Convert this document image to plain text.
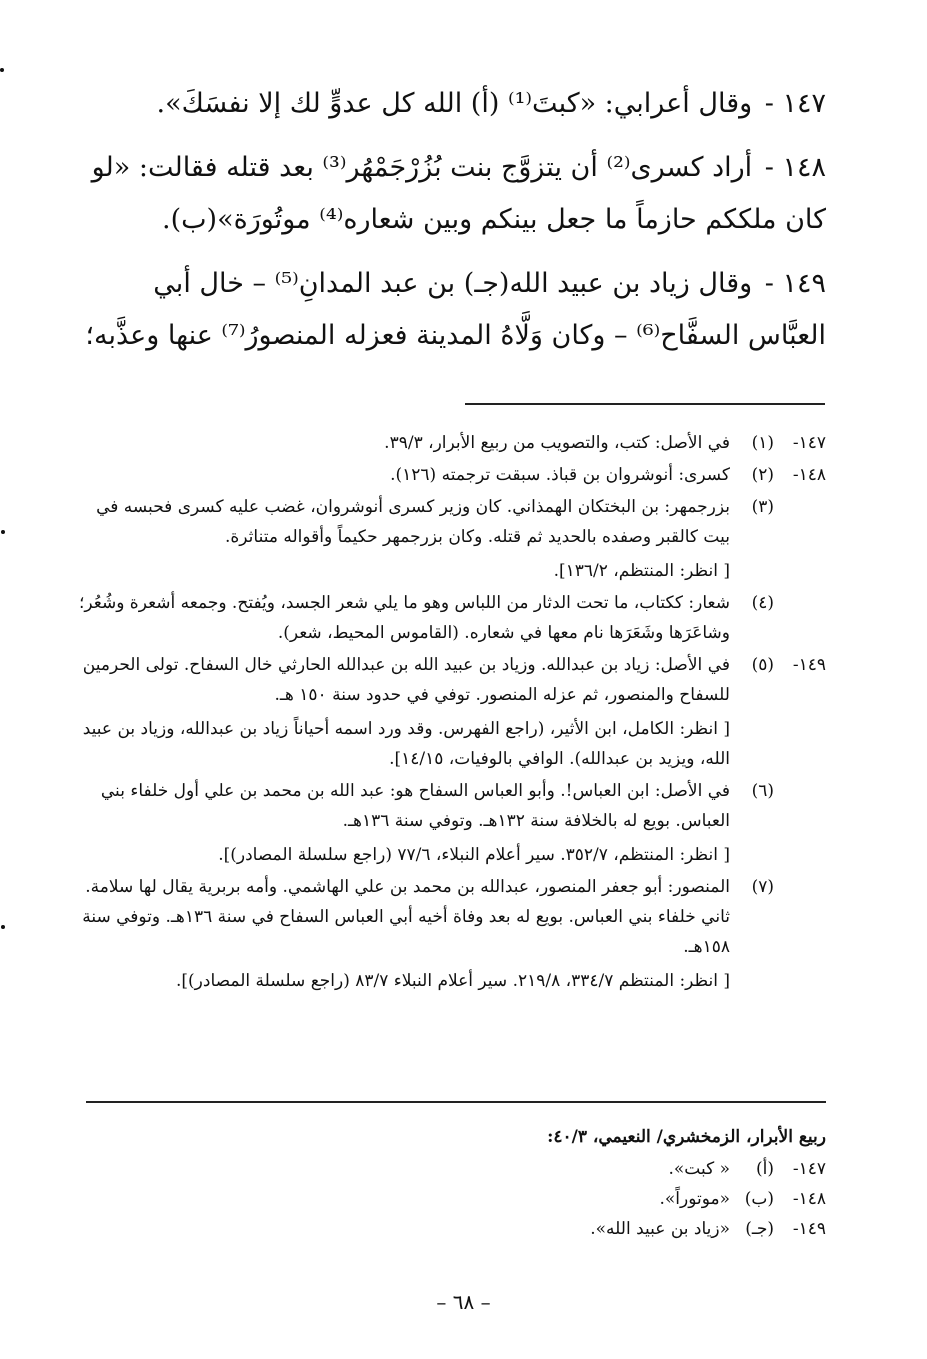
١٤٧ - وقال أعرابي: «كبتَ⁽¹⁾ (أ) الله كل عدوٍّ لك إلا نفسَكَ».

١٤٨ - أراد كسرى⁽²⁾ أن يتزوَّج بنت بُزُرْجَمْهُر⁽³⁾ بعد قتله فقالت: «لو كان ملككم حازماً ما جعل بينكم وبين شعاره⁽⁴⁾ موتُورَة»(ب).

١٤٩ - وقال زياد بن عبيد الله(جـ) بن عبد المدانِ⁽⁵⁾ – خال أبي العبَّاس السفَّاح⁽⁶⁾ – وكان وَلَّاهُ المدينة فعزله المنصورُ⁽⁷⁾ عنها وعذَّبه؛

١٤٧-
(١)
في الأصل: كتب، والتصويب من ربيع الأبرار، ٣٩/٣.
١٤٨-
(٢)
كسرى: أنوشروان بن قباذ. سبقت ترجمته (١٢٦).
(٣)
بزرجمهر: بن البختكان الهمذاني. كان وزير كسرى أنوشروان، غضب عليه كسرى فحبسه في بيت كالقبر وصفده بالحديد ثم قتله. وكان بزرجمهر حكيماً وأقواله متناثرة.
[ انظر: المنتظم، ١٣٦/٢].
(٤)
شعار: ككتاب، ما تحت الدثار من اللباس وهو ما يلي شعر الجسد، ويُفتح. وجمعه أشعرة وشُعُر؛ وشاعَرَها وشَعَرَها نام معها في شعاره. (القاموس المحيط، شعر).
١٤٩-
(٥)
في الأصل: زياد بن عبدالله. وزياد بن عبيد الله بن عبدالله الحارثي خال السفاح. تولى الحرمين للسفاح والمنصور، ثم عزله المنصور. توفي في حدود سنة ١٥٠ هـ.
[ انظر: الكامل، ابن الأثير، (راجع الفهرس. وقد ورد اسمه أحياناً زياد بن عبدالله، وزياد بن عبيد الله، ويزيد بن عبدالله). الوافي بالوفيات، ١٤/١٥].
(٦)
في الأصل: ابن العباس!. وأبو العباس السفاح هو: عبد الله بن محمد بن علي أول خلفاء بني العباس. بويع له بالخلافة سنة ١٣٢هـ. وتوفي سنة ١٣٦هـ.
[ انظر: المنتظم، ٣٥٢/٧. سير أعلام النبلاء، ٧٧/٦ (راجع سلسلة المصادر)].
(٧)
المنصور: أبو جعفر المنصور، عبدالله بن محمد بن علي الهاشمي. وأمه بربرية يقال لها سلامة. ثاني خلفاء بني العباس. بويع له بعد وفاة أخيه أبي العباس السفاح في سنة ١٣٦هـ. وتوفي سنة ١٥٨هـ.
[ انظر: المنتظم ٣٣٤/٧، ٢١٩/٨. سير أعلام النبلاء ٨٣/٧ (راجع سلسلة المصادر)].
ربيع الأبرار، الزمخشري/ النعيمي، ٤٠/٣:
١٤٧-
(أ)
« كبت».
١٤٨-
(ب)
«موتوراً».
١٤٩-
(جـ)
«زياد بن عبيد الله».
– ٦٨ –
